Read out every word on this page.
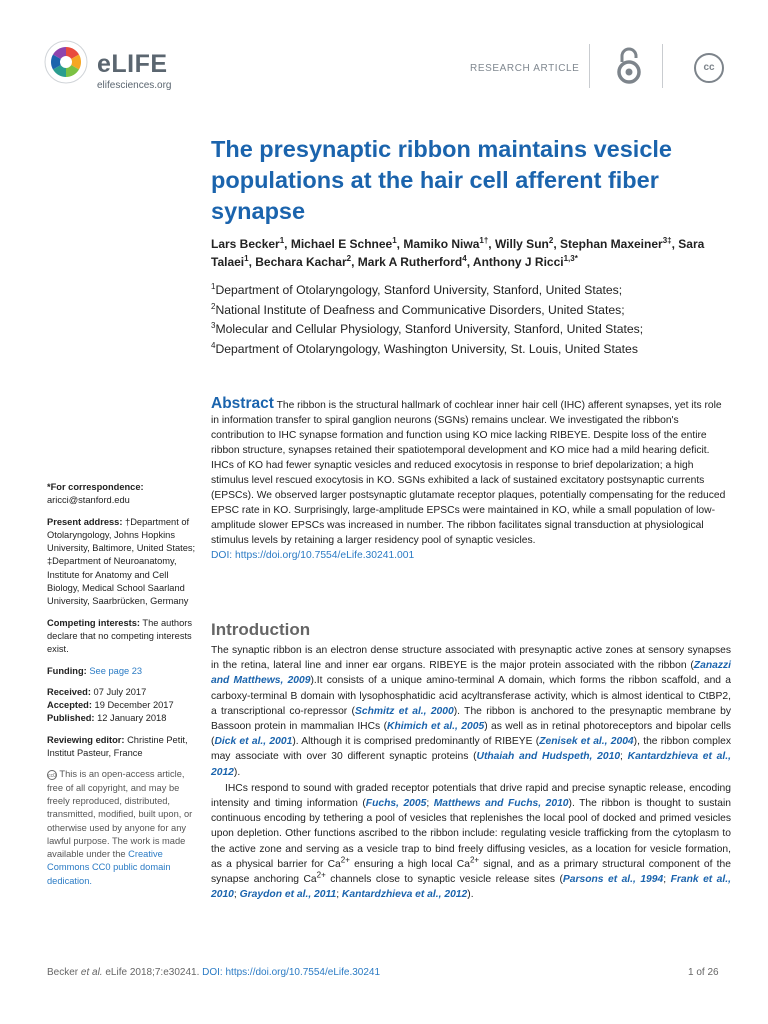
eLIFE
elifesciences.org
RESEARCH ARTICLE	cc
The presynaptic ribbon maintains vesicle populations at the hair cell afferent fiber synapse
Lars Becker$^1$, Michael E Schnee$^1$, Mamiko Niwa$^{1\dagger}$, Willy Sun$^2$, Stephan Maxeiner$^{3\ddagger}$, Sara Talaei$^1$, Bechara Kachar$^2$, Mark A Rutherford$^4$, Anthony J Ricci$^{1,3*}$
$^1$Department of Otolaryngology, Stanford University, Stanford, United States;
$^2$National Institute of Deafness and Communicative Disorders, United States;
$^3$Molecular and Cellular Physiology, Stanford University, Stanford, United States;
$^4$Department of Otolaryngology, Washington University, St. Louis, United States
Abstract The ribbon is the structural hallmark of cochlear inner hair cell (IHC) afferent synapses, yet its role in information transfer to spiral ganglion neurons (SGNs) remains unclear. We investigated the ribbon's contribution to IHC synapse formation and function using KO mice lacking RIBEYE. Despite loss of the entire ribbon structure, synapses retained their spatiotemporal development and KO mice had a mild hearing deficit. IHCs of KO had fewer synaptic vesicles and reduced exocytosis in response to brief depolarization; a high stimulus level rescued exocytosis in KO. SGNs exhibited a lack of sustained excitatory postsynaptic currents (EPSCs). We observed larger postsynaptic glutamate receptor plaques, potentially compensating for the reduced EPSC rate in KO. Surprisingly, large-amplitude EPSCs were maintained in KO, while a small population of low-amplitude slower EPSCs was increased in number. The ribbon facilitates signal transduction at physiological stimulus levels by retaining a larger residency pool of synaptic vesicles.
DOI: https://doi.org/10.7554/eLife.30241.001
*For correspondence:
aricci@stanford.edu
Present address: †Department of Otolaryngology, Johns Hopkins University, Baltimore, United States; ‡Department of Neuroanatomy, Institute for Anatomy and Cell Biology, Medical School Saarland University, Saarbrücken, Germany
Competing interests: The authors declare that no competing interests exist.
Funding: See page 23
Received: 07 July 2017
Accepted: 19 December 2017
Published: 12 January 2018
Reviewing editor: Christine Petit, Institut Pasteur, France
cc0 This is an open-access article, free of all copyright, and may be freely reproduced, distributed, transmitted, modified, built upon, or otherwise used by anyone for any lawful purpose. The work is made available under the Creative Commons CC0 public domain dedication.
Introduction

The synaptic ribbon is an electron dense structure associated with presynaptic active zones at sensory synapses in the retina, lateral line and inner ear organs. RIBEYE is the major protein associated with the ribbon (Zanazzi and Matthews, 2009).It consists of a unique amino-terminal A domain, which forms the ribbon scaffold, and a carboxy-terminal B domain with lysophosphatidic acid acyltransferase activity, which is almost identical to CtBP2, a transcriptional co-repressor (Schmitz et al., 2000). The ribbon is anchored to the presynaptic membrane by Bassoon protein in mammalian IHCs (Khimich et al., 2005) as well as in retinal photoreceptors and bipolar cells (Dick et al., 2001). Although it is comprised predominantly of RIBEYE (Zenisek et al., 2004), the ribbon complex may associate with over 30 different synaptic proteins (Uthaiah and Hudspeth, 2010; Kantardzhieva et al., 2012).

IHCs respond to sound with graded receptor potentials that drive rapid and precise synaptic release, encoding intensity and timing information (Fuchs, 2005; Matthews and Fuchs, 2010). The ribbon is thought to sustain continuous encoding by tethering a pool of vesicles that replenishes the local pool of docked and primed vesicles upon depletion. Other functions ascribed to the ribbon include: regulating vesicle trafficking from the cytoplasm to the active zone and serving as a vesicle trap to bind freely diffusing vesicles, as a location for vesicle formation, as a physical barrier for $Ca^{2+}$ ensuring a high local $Ca^{2+}$ signal, and as a primary structural component of the synapse anchoring $Ca^{2+}$ channels close to synaptic vesicle release sites (Parsons et al., 1994; Frank et al., 2010; Graydon et al., 2011; Kantardzhieva et al., 2012).

Becker et al. eLife 2018;7:e30241. DOI: https://doi.org/10.7554/eLife.30241	1 of 26
